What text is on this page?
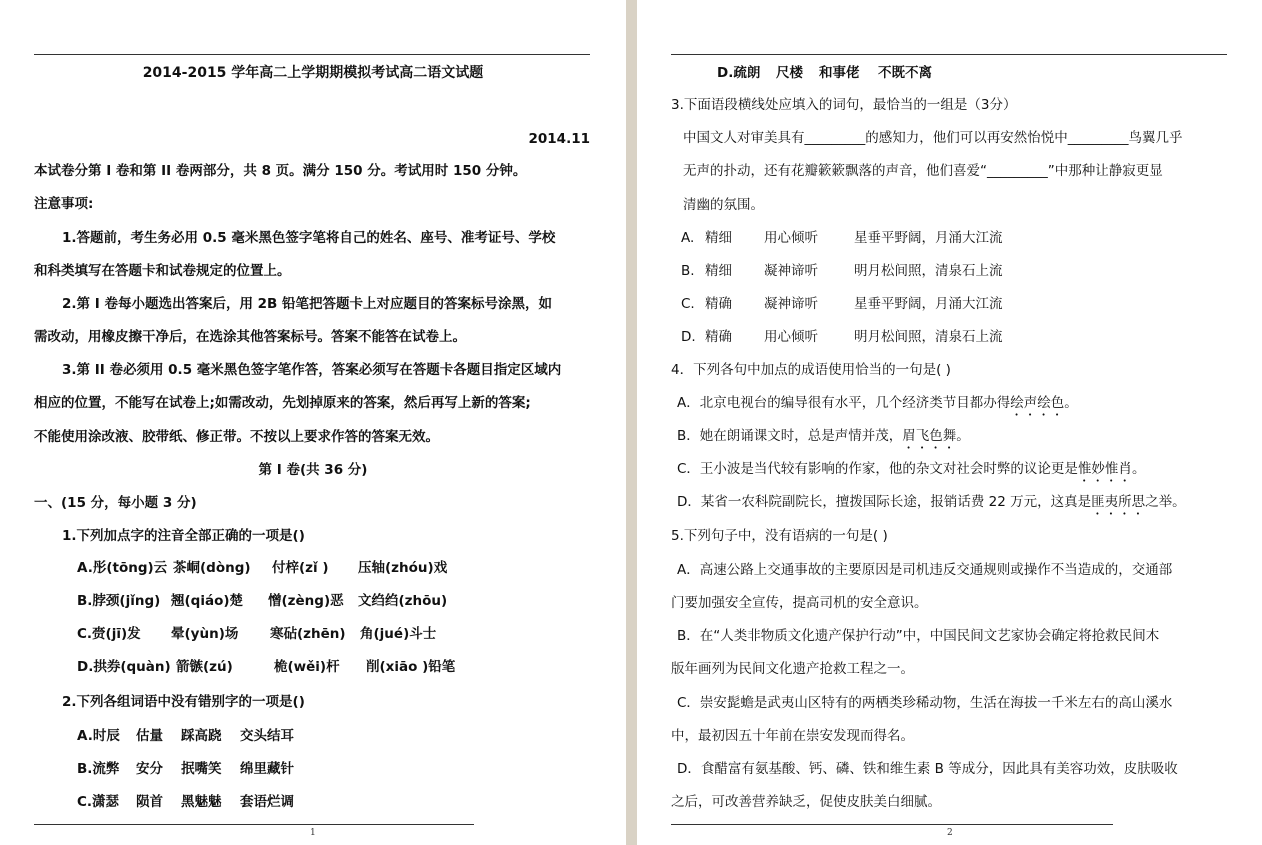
2014-2015 学年高二上学期期模拟考试高二语文试题
2014.11
本试卷分第 I 卷和第 II 卷两部分，共 8 页。满分 150 分。考试用时 150 分钟。
注意事项:
1.答题前，考生务必用 0.5 毫米黑色签字笔将自己的姓名、座号、准考证号、学校
和科类填写在答题卡和试卷规定的位置上。
2.第 I 卷每小题选出答案后，用 2B 铅笔把答题卡上对应题目的答案标号涂黑，如
需改动，用橡皮擦干净后，在选涂其他答案标号。答案不能答在试卷上。
3.第 II 卷必须用 0.5 毫米黑色签字笔作答，答案必须写在答题卡各题目指定区域内
相应的位置，不能写在试卷上;如需改动，先划掉原来的答案，然后再写上新的答案;
不能使用涂改液、胶带纸、修正带。不按以上要求作答的答案无效。
第 I 卷(共 36 分)
一、(15 分，每小题 3 分)
1.下列加点字的注音全部正确的一项是()
A.彤(tōng)云 茶峒(dòng) 付梓(zǐ ) 压轴(zhóu)戏
B.脖颈(jǐng) 翘(qiáo)楚 憎(zèng)恶 文绉绉(zhōu)
C.赍(jī)发 晕(yùn)场 寒砧(zhēn) 角(jué)斗士
D.拱券(quàn) 箭镞(zú)	桅(wěi)杆 削(xiāo )铅笔
2.下列各组词语中没有错别字的一项是()
A.时辰 估量 踩高跷 交头结耳
B.流弊 安分 抿嘴笑 绵里藏针
C.潇瑟 陨首 黑魅魅 套语烂调
1
D.疏朗 尺楼 和事佬 不既不离
3.下面语段横线处应填入的词句，最恰当的一组是（3分）
中国文人对审美具有_________的感知力，他们可以再安然怡悦中_________鸟翼几乎
无声的扑动，还有花瓣簌簌飘落的声音，他们喜爱“_________”中那种让静寂更显
清幽的氛围。
A. 精细 用心倾听	星垂平野阔，月涌大江流
B. 精细 凝神谛听	明月松间照，清泉石上流
C. 精确 凝神谛听	星垂平野阔，月涌大江流
D. 精确 用心倾听	明月松间照，清泉石上流
4．下列各句中加点的成语使用恰当的一句是( )
A．北京电视台的编导很有水平，几个经济类节目都办得绘声绘色。
B．她在朗诵课文时，总是声情并茂，眉飞色舞。
C．王小波是当代较有影响的作家，他的杂文对社会时弊的议论更是惟妙惟肖。
D．某省一农科院副院长，擅拨国际长途，报销话费 22 万元，这真是匪夷所思之举。
5.下列句子中，没有语病的一句是( )
A．高速公路上交通事故的主要原因是司机违反交通规则或操作不当造成的，交通部
门要加强安全宣传，提高司机的安全意识。
B．在“人类非物质文化遗产保护行动”中，中国民间文艺家协会确定将抢救民间木
版年画列为民间文化遗产抢救工程之一。
C．崇安髭蟾是武夷山区特有的两栖类珍稀动物，生活在海拔一千米左右的高山溪水
中，最初因五十年前在崇安发现而得名。
D．食醋富有氨基酸、钙、磷、铁和维生素 B 等成分，因此具有美容功效，皮肤吸收
之后，可改善营养缺乏，促使皮肤美白细腻。
2
